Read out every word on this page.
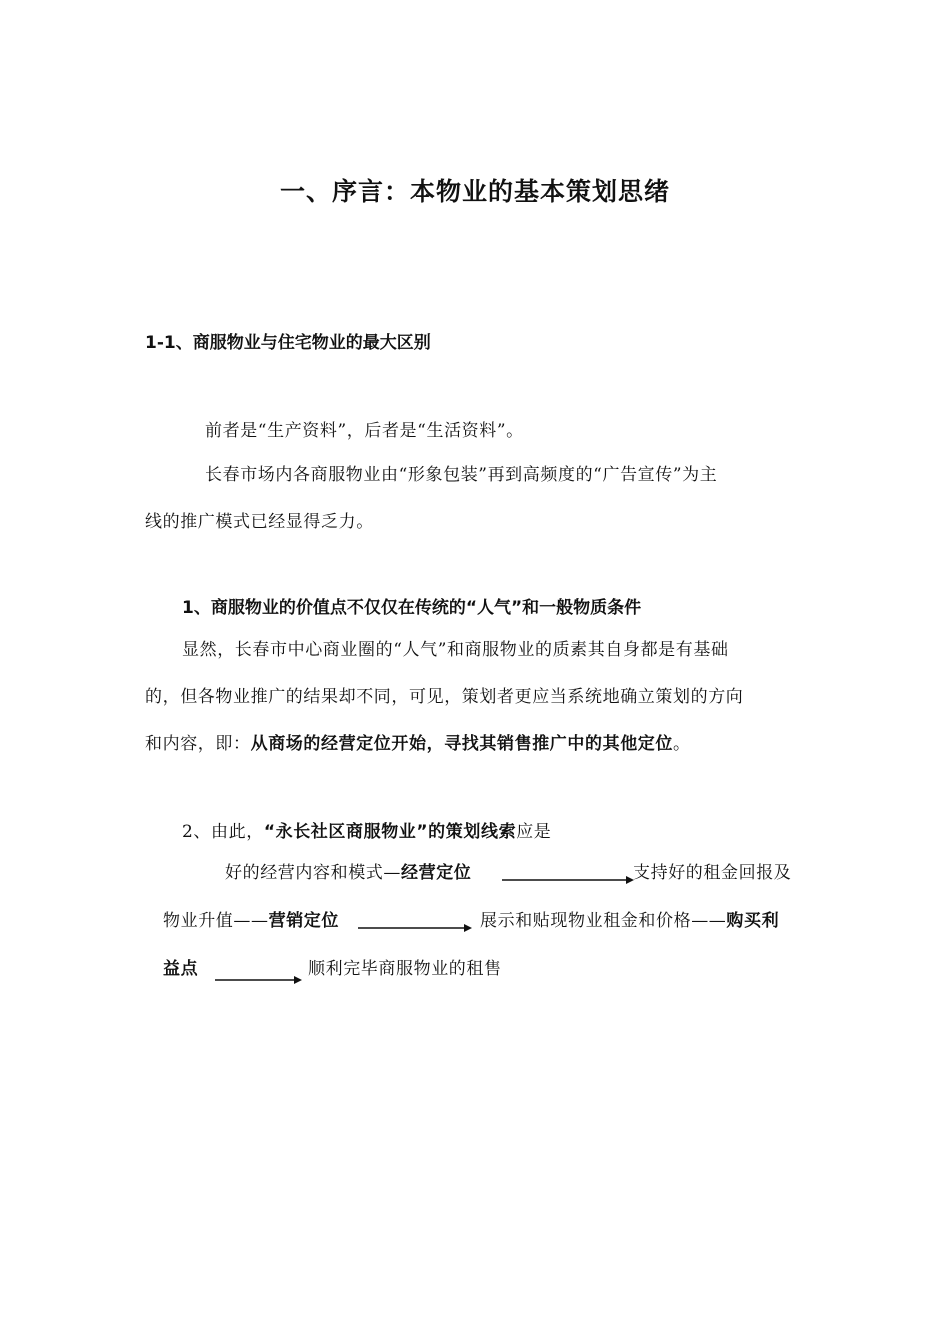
一、序言：本物业的基本策划思绪
1-1、商服物业与住宅物业的最大区别
前者是“生产资料”，后者是“生活资料”。
长春市场内各商服物业由“形象包装”再到高频度的“广告宣传”为主
线的推广模式已经显得乏力。
1、商服物业的价值点不仅仅在传统的“人气”和一般物质条件
显然，长春市中心商业圈的“人气”和商服物业的质素其自身都是有基础
的，但各物业推广的结果却不同，可见，策划者更应当系统地确立策划的方向
和内容，即：从商场的经营定位开始，寻找其销售推广中的其他定位。
2、由此，“永长社区商服物业”的策划线索应是
好的经营内容和模式—经营定位	支持好的租金回报及
物业升值——营销定位	展示和贴现物业租金和价格——购买利
益点	顺利完毕商服物业的租售
